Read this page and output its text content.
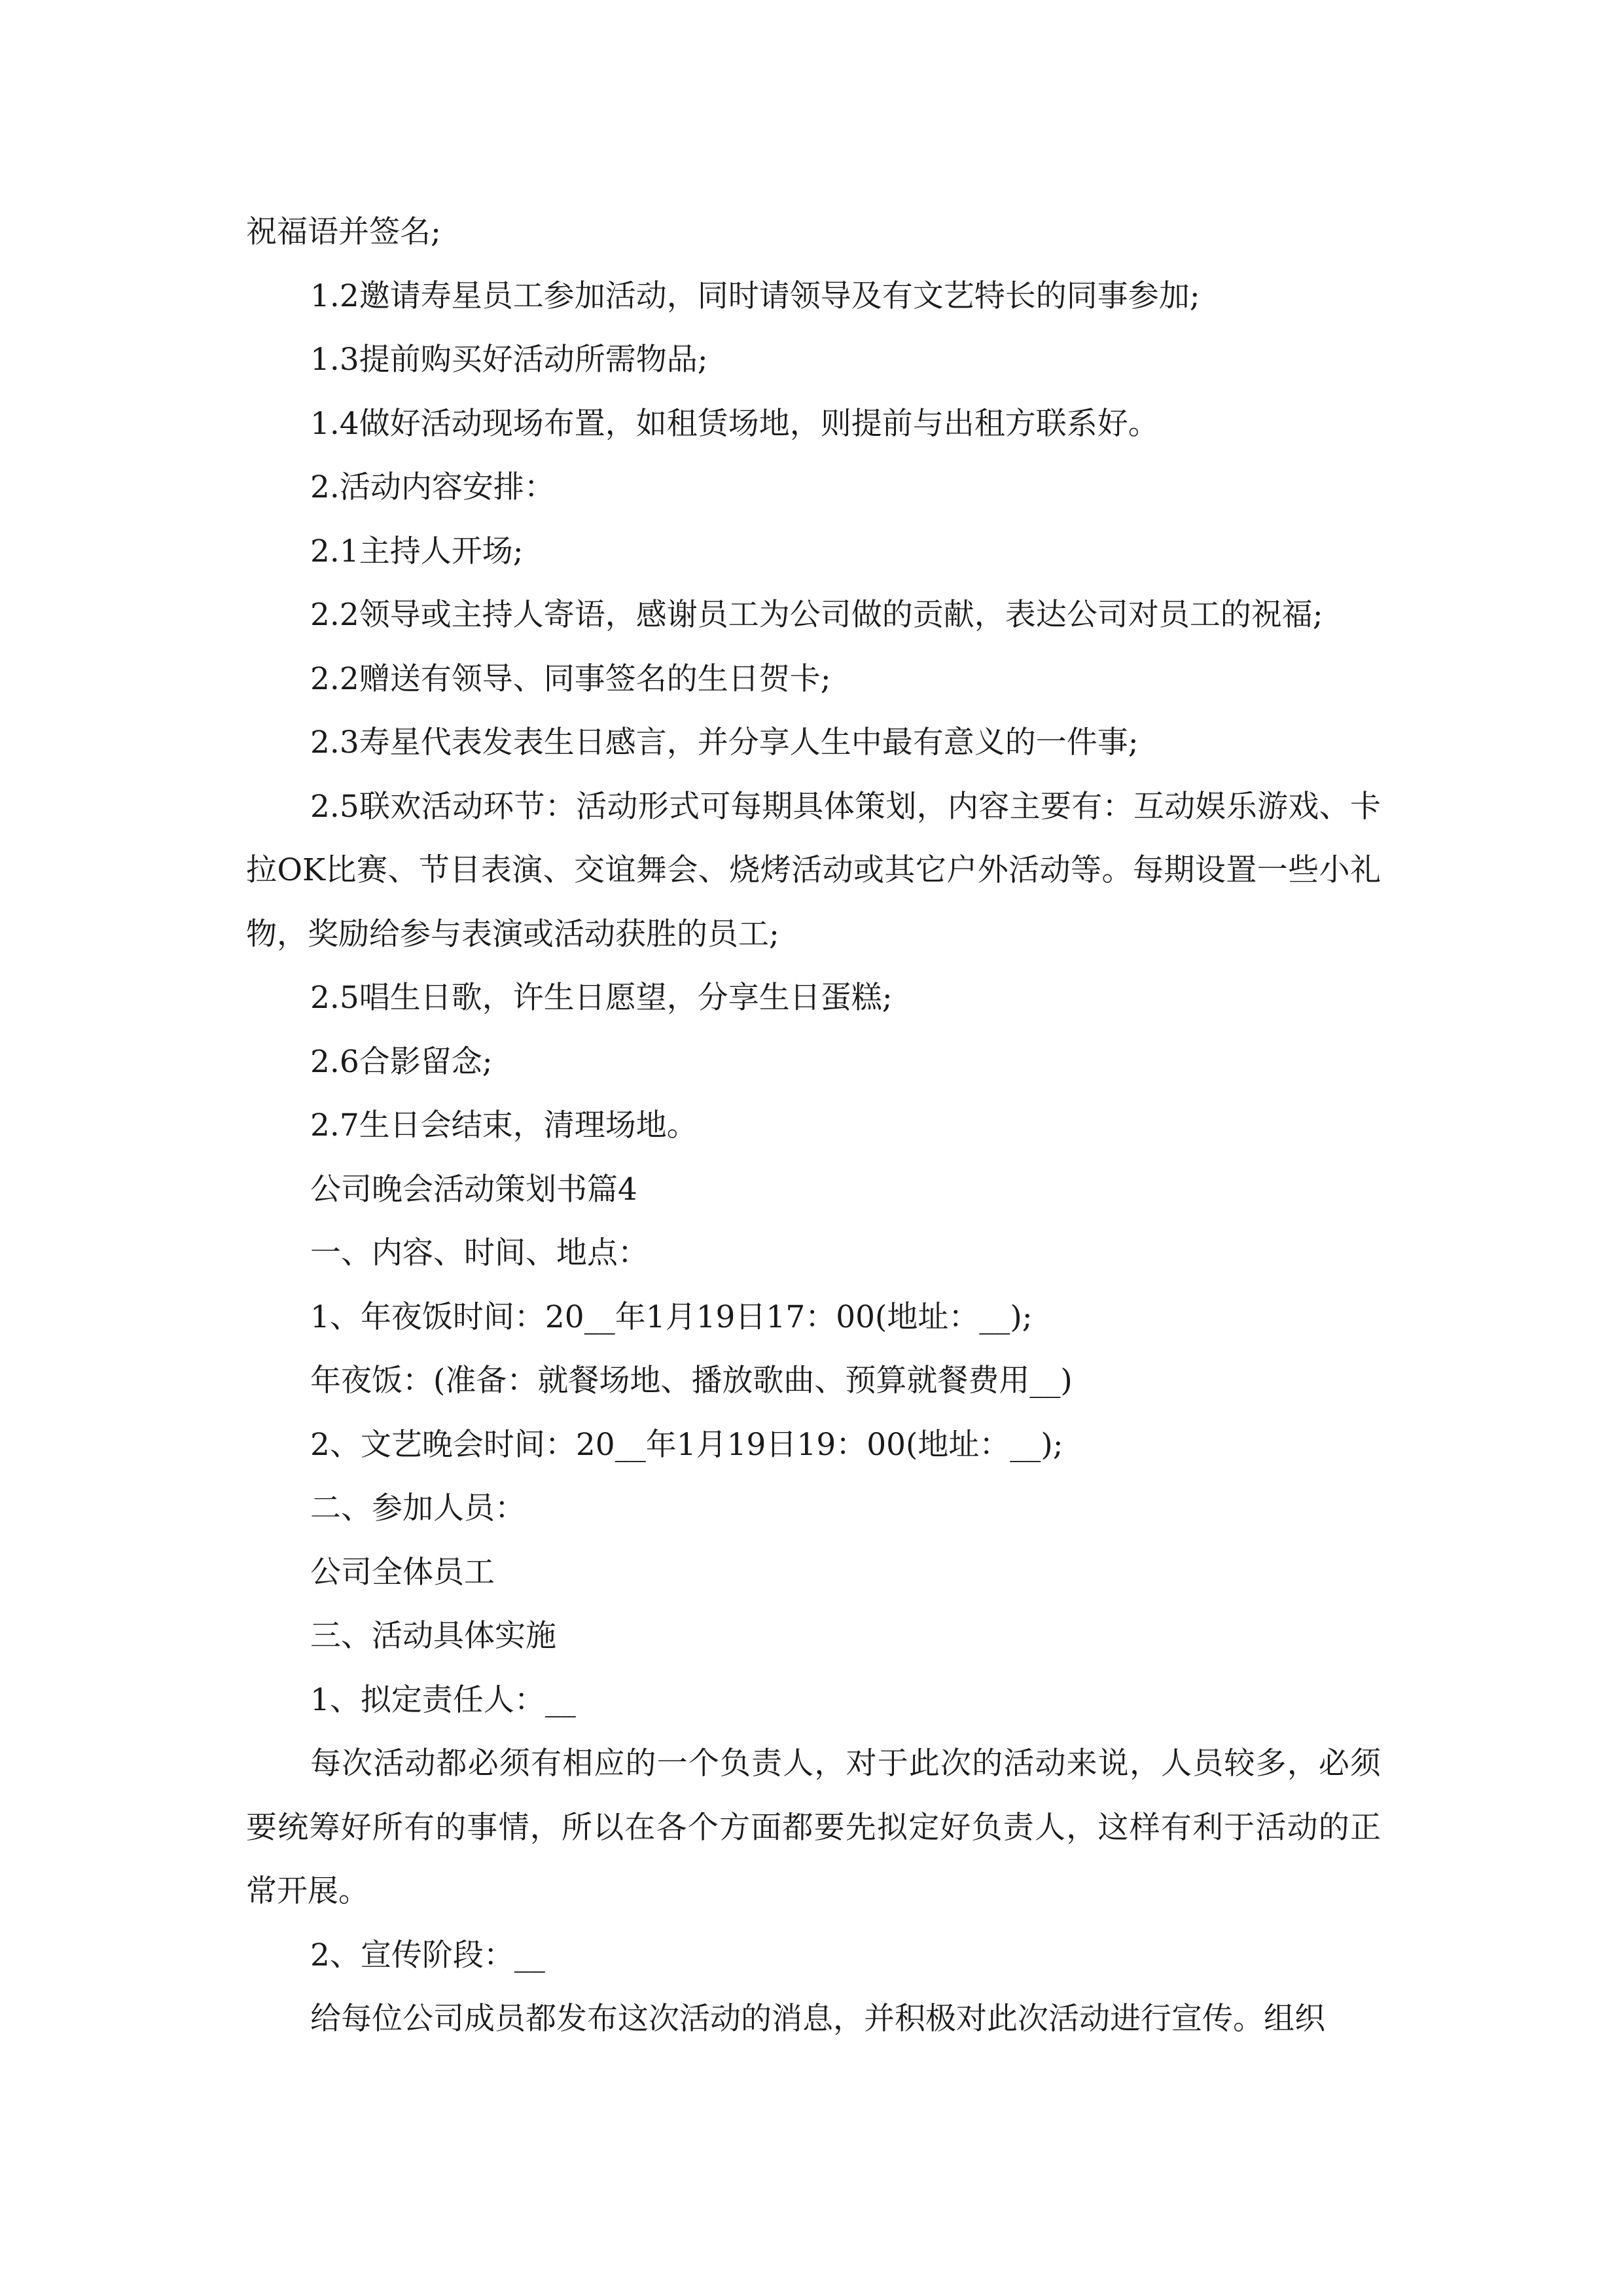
祝福语并签名;

1.2邀请寿星员工参加活动，同时请领导及有文艺特长的同事参加;

1.3提前购买好活动所需物品;

1.4做好活动现场布置，如租赁场地，则提前与出租方联系好。

2.活动内容安排：

2.1主持人开场;

2.2领导或主持人寄语，感谢员工为公司做的贡献，表达公司对员工的祝福;

2.2赠送有领导、同事签名的生日贺卡;

2.3寿星代表发表生日感言，并分享人生中最有意义的一件事;

2.5联欢活动环节：活动形式可每期具体策划，内容主要有：互动娱乐游戏、卡拉OK比赛、节目表演、交谊舞会、烧烤活动或其它户外活动等。每期设置一些小礼物，奖励给参与表演或活动获胜的员工;

2.5唱生日歌，许生日愿望，分享生日蛋糕;

2.6合影留念;

2.7生日会结束，清理场地。

公司晚会活动策划书篇4

一、内容、时间、地点：

1、年夜饭时间：20__年1月19日17：00(地址：__);

年夜饭：(准备：就餐场地、播放歌曲、预算就餐费用__)

2、文艺晚会时间：20__年1月19日19：00(地址：__);

二、参加人员：

公司全体员工

三、活动具体实施

1、拟定责任人：__

每次活动都必须有相应的一个负责人，对于此次的活动来说，人员较多，必须要统筹好所有的事情，所以在各个方面都要先拟定好负责人，这样有利于活动的正常开展。

2、宣传阶段：__

给每位公司成员都发布这次活动的消息，并积极对此次活动进行宣传。组织
